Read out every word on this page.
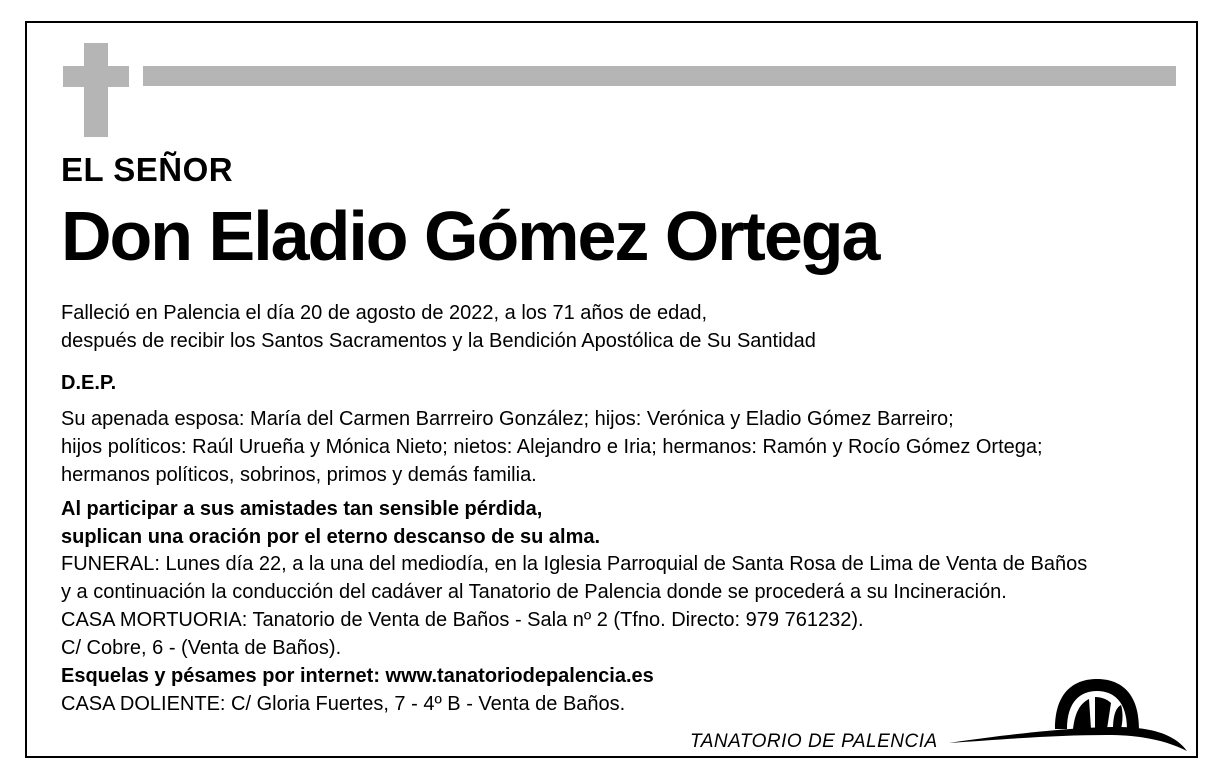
EL SEÑOR
Don Eladio Gómez Ortega
Falleció en Palencia el día 20 de agosto de 2022, a los 71 años de edad,
después de recibir los Santos Sacramentos y la Bendición Apostólica de Su Santidad
D.E.P.
Su apenada esposa: María del Carmen Barrreiro González; hijos: Verónica y Eladio Gómez Barreiro;
hijos políticos: Raúl Urueña y Mónica Nieto; nietos: Alejandro e Iria; hermanos: Ramón y Rocío Gómez Ortega;
hermanos políticos, sobrinos, primos y demás familia.
Al participar a sus amistades tan sensible pérdida,
suplican una oración por el eterno descanso de su alma.
FUNERAL: Lunes día 22, a la una del mediodía, en la Iglesia Parroquial de Santa Rosa de Lima de Venta de Baños
y a continuación la conducción del cadáver al Tanatorio de Palencia donde se procederá a su Incineración.
CASA MORTUORIA: Tanatorio de Venta de Baños - Sala nº 2 (Tfno. Directo: 979 761232).
C/ Cobre, 6 - (Venta de Baños).
Esquelas y pésames por internet: www.tanatoriodepalencia.es
CASA DOLIENTE: C/ Gloria Fuertes, 7 - 4º B - Venta de Baños.
TANATORIO DE PALENCIA
